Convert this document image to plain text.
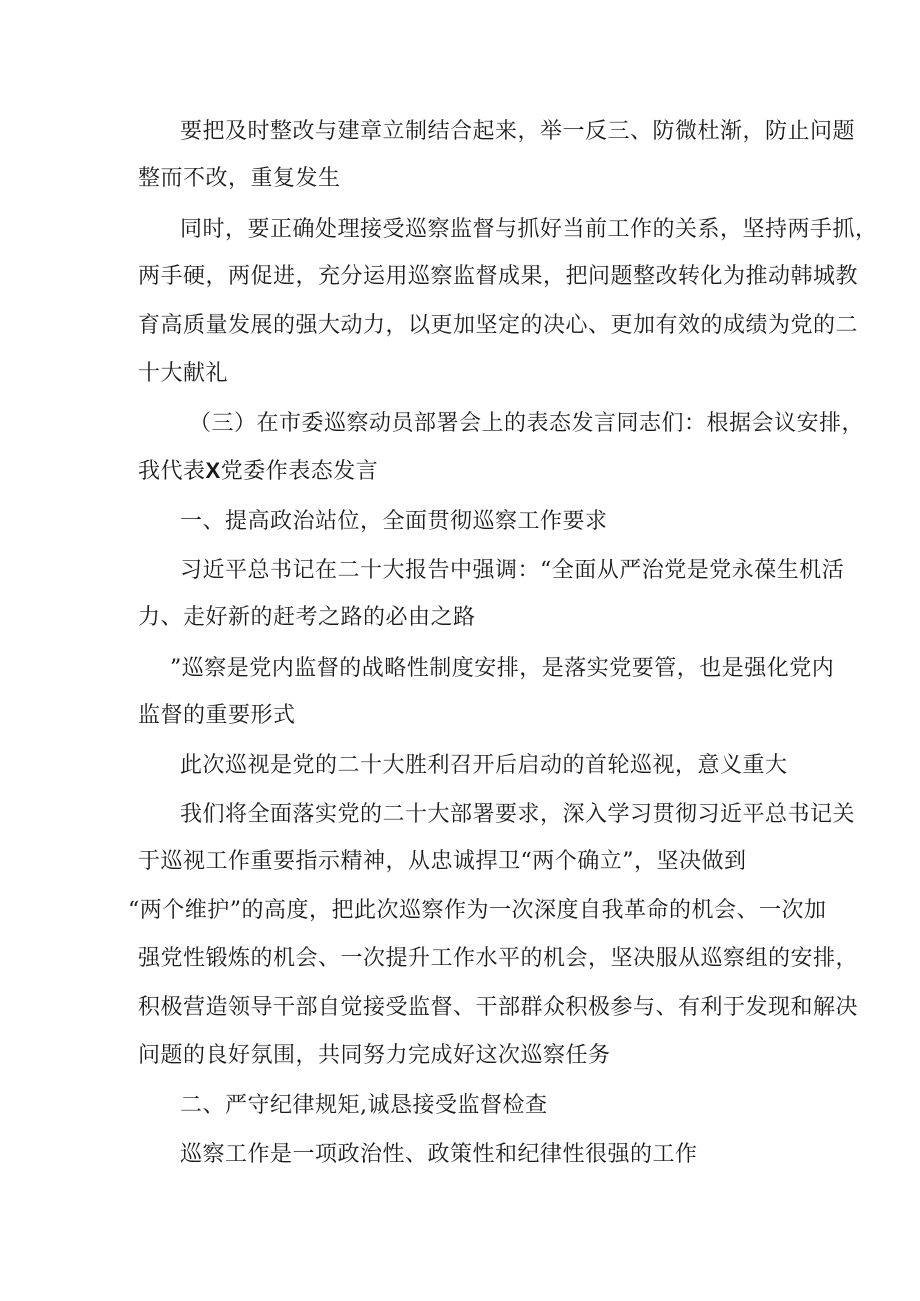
要把及时整改与建章立制结合起来，举一反三、防微杜渐，防止问题

整而不改，重复发生

同时，要正确处理接受巡察监督与抓好当前工作的关系，坚持两手抓，

两手硬，两促进，充分运用巡察监督成果，把问题整改转化为推动韩城教

育高质量发展的强大动力，以更加坚定的决心、更加有效的成绩为党的二

十大献礼

（三）在市委巡察动员部署会上的表态发言同志们：根据会议安排，

我代表X党委作表态发言

一、提高政治站位，全面贯彻巡察工作要求

习近平总书记在二十大报告中强调：“全面从严治党是党永葆生机活

力、走好新的赶考之路的必由之路

”巡察是党内监督的战略性制度安排，是落实党要管，也是强化党内

监督的重要形式

此次巡视是党的二十大胜利召开后启动的首轮巡视，意义重大

我们将全面落实党的二十大部署要求，深入学习贯彻习近平总书记关

于巡视工作重要指示精神，从忠诚捍卫“两个确立”，坚决做到

“两个维护”的高度，把此次巡察作为一次深度自我革命的机会、一次加

强党性锻炼的机会、一次提升工作水平的机会，坚决服从巡察组的安排，

积极营造领导干部自觉接受监督、干部群众积极参与、有利于发现和解决

问题的良好氛围，共同努力完成好这次巡察任务

二、严守纪律规矩,诚恳接受监督检查

巡察工作是一项政治性、政策性和纪律性很强的工作
